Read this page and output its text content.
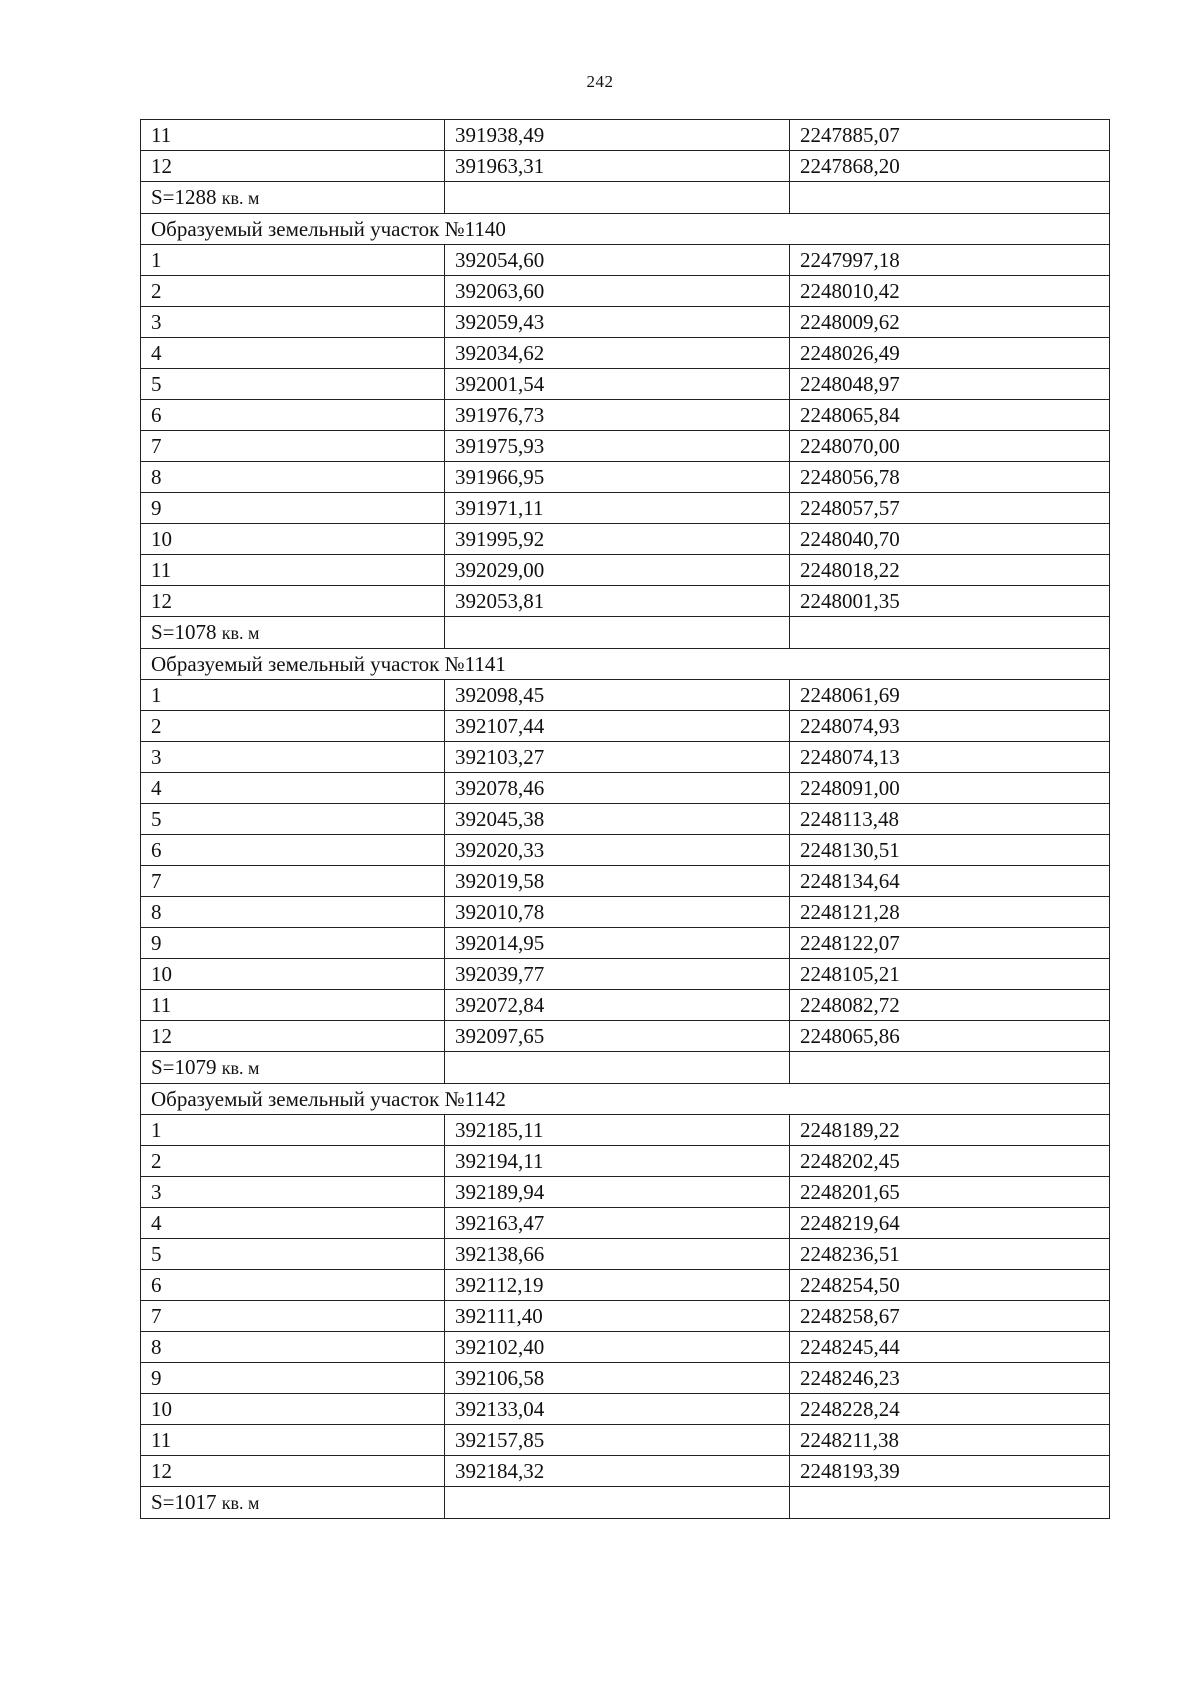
242
11	391938,49	2247885,07
12	391963,31	2247868,20
S=1288 кв. м		
Образуемый земельный участок №1140		
1	392054,60	2247997,18
2	392063,60	2248010,42
3	392059,43	2248009,62
4	392034,62	2248026,49
5	392001,54	2248048,97
6	391976,73	2248065,84
7	391975,93	2248070,00
8	391966,95	2248056,78
9	391971,11	2248057,57
10	391995,92	2248040,70
11	392029,00	2248018,22
12	392053,81	2248001,35
S=1078 кв. м		
Образуемый земельный участок №1141		
1	392098,45	2248061,69
2	392107,44	2248074,93
3	392103,27	2248074,13
4	392078,46	2248091,00
5	392045,38	2248113,48
6	392020,33	2248130,51
7	392019,58	2248134,64
8	392010,78	2248121,28
9	392014,95	2248122,07
10	392039,77	2248105,21
11	392072,84	2248082,72
12	392097,65	2248065,86
S=1079 кв. м		
Образуемый земельный участок №1142		
1	392185,11	2248189,22
2	392194,11	2248202,45
3	392189,94	2248201,65
4	392163,47	2248219,64
5	392138,66	2248236,51
6	392112,19	2248254,50
7	392111,40	2248258,67
8	392102,40	2248245,44
9	392106,58	2248246,23
10	392133,04	2248228,24
11	392157,85	2248211,38
12	392184,32	2248193,39
S=1017 кв. м		
